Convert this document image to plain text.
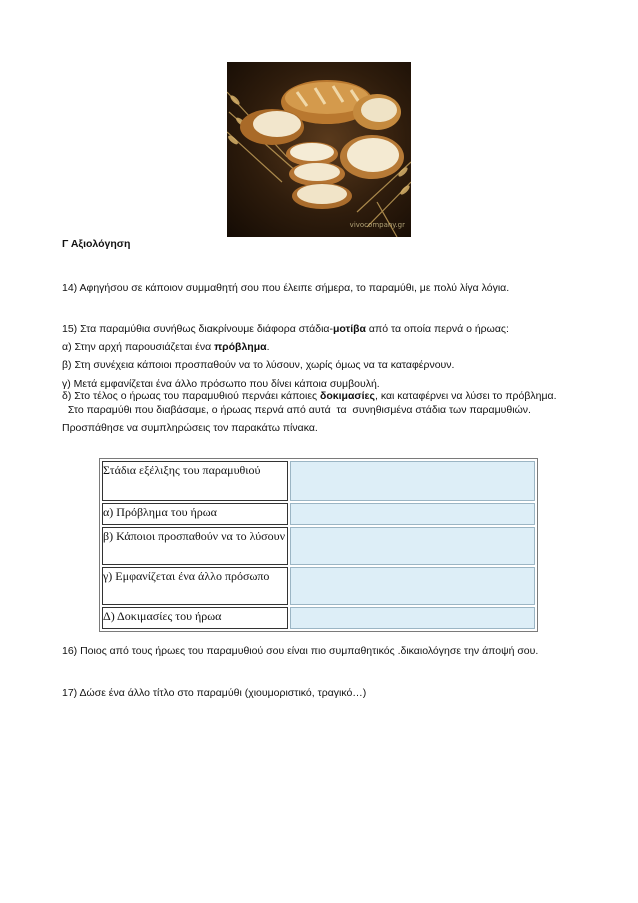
vivocompany.gr
Γ Αξιολόγηση
14) Αφηγήσου σε κάποιον συμμαθητή σου που έλειπε σήμερα, το παραμύθι, με πολύ λίγα λόγια.
15) Στα παραμύθια συνήθως διακρίνουμε διάφορα στάδια-μοτίβα από τα οποία περνά ο ήρωας:
α) Στην αρχή παρουσιάζεται ένα πρόβλημα.
β) Στη συνέχεια κάποιοι προσπαθούν να το λύσουν, χωρίς όμως να τα καταφέρνουν.
γ) Μετά εμφανίζεται ένα άλλο πρόσωπο που δίνει κάποια συμβουλή.
δ) Στο τέλος ο ήρωας του παραμυθιού περνάει κάποιες δοκιμασίες, και καταφέρνει να λύσει το πρόβλημα.
Στο παραμύθι που διαβάσαμε, ο ήρωας περνά από αυτά  τα  συνηθισμένα στάδια των παραμυθιών.
Προσπάθησε να συμπληρώσεις τον παρακάτω πίνακα.
Στάδια εξέλιξης του παραμυθιού	
α) Πρόβλημα του ήρωα	
β) Κάποιοι προσπαθούν να το λύσουν	
γ) Εμφανίζεται ένα άλλο πρόσωπο	
Δ) Δοκιμασίες του ήρωα	
16) Ποιος από τους ήρωες του παραμυθιού σου είναι πιο συμπαθητικός .δικαιολόγησε την άποψή σου.
17) Δώσε ένα άλλο τίτλο στο παραμύθι (χιουμοριστικό, τραγικό…)
